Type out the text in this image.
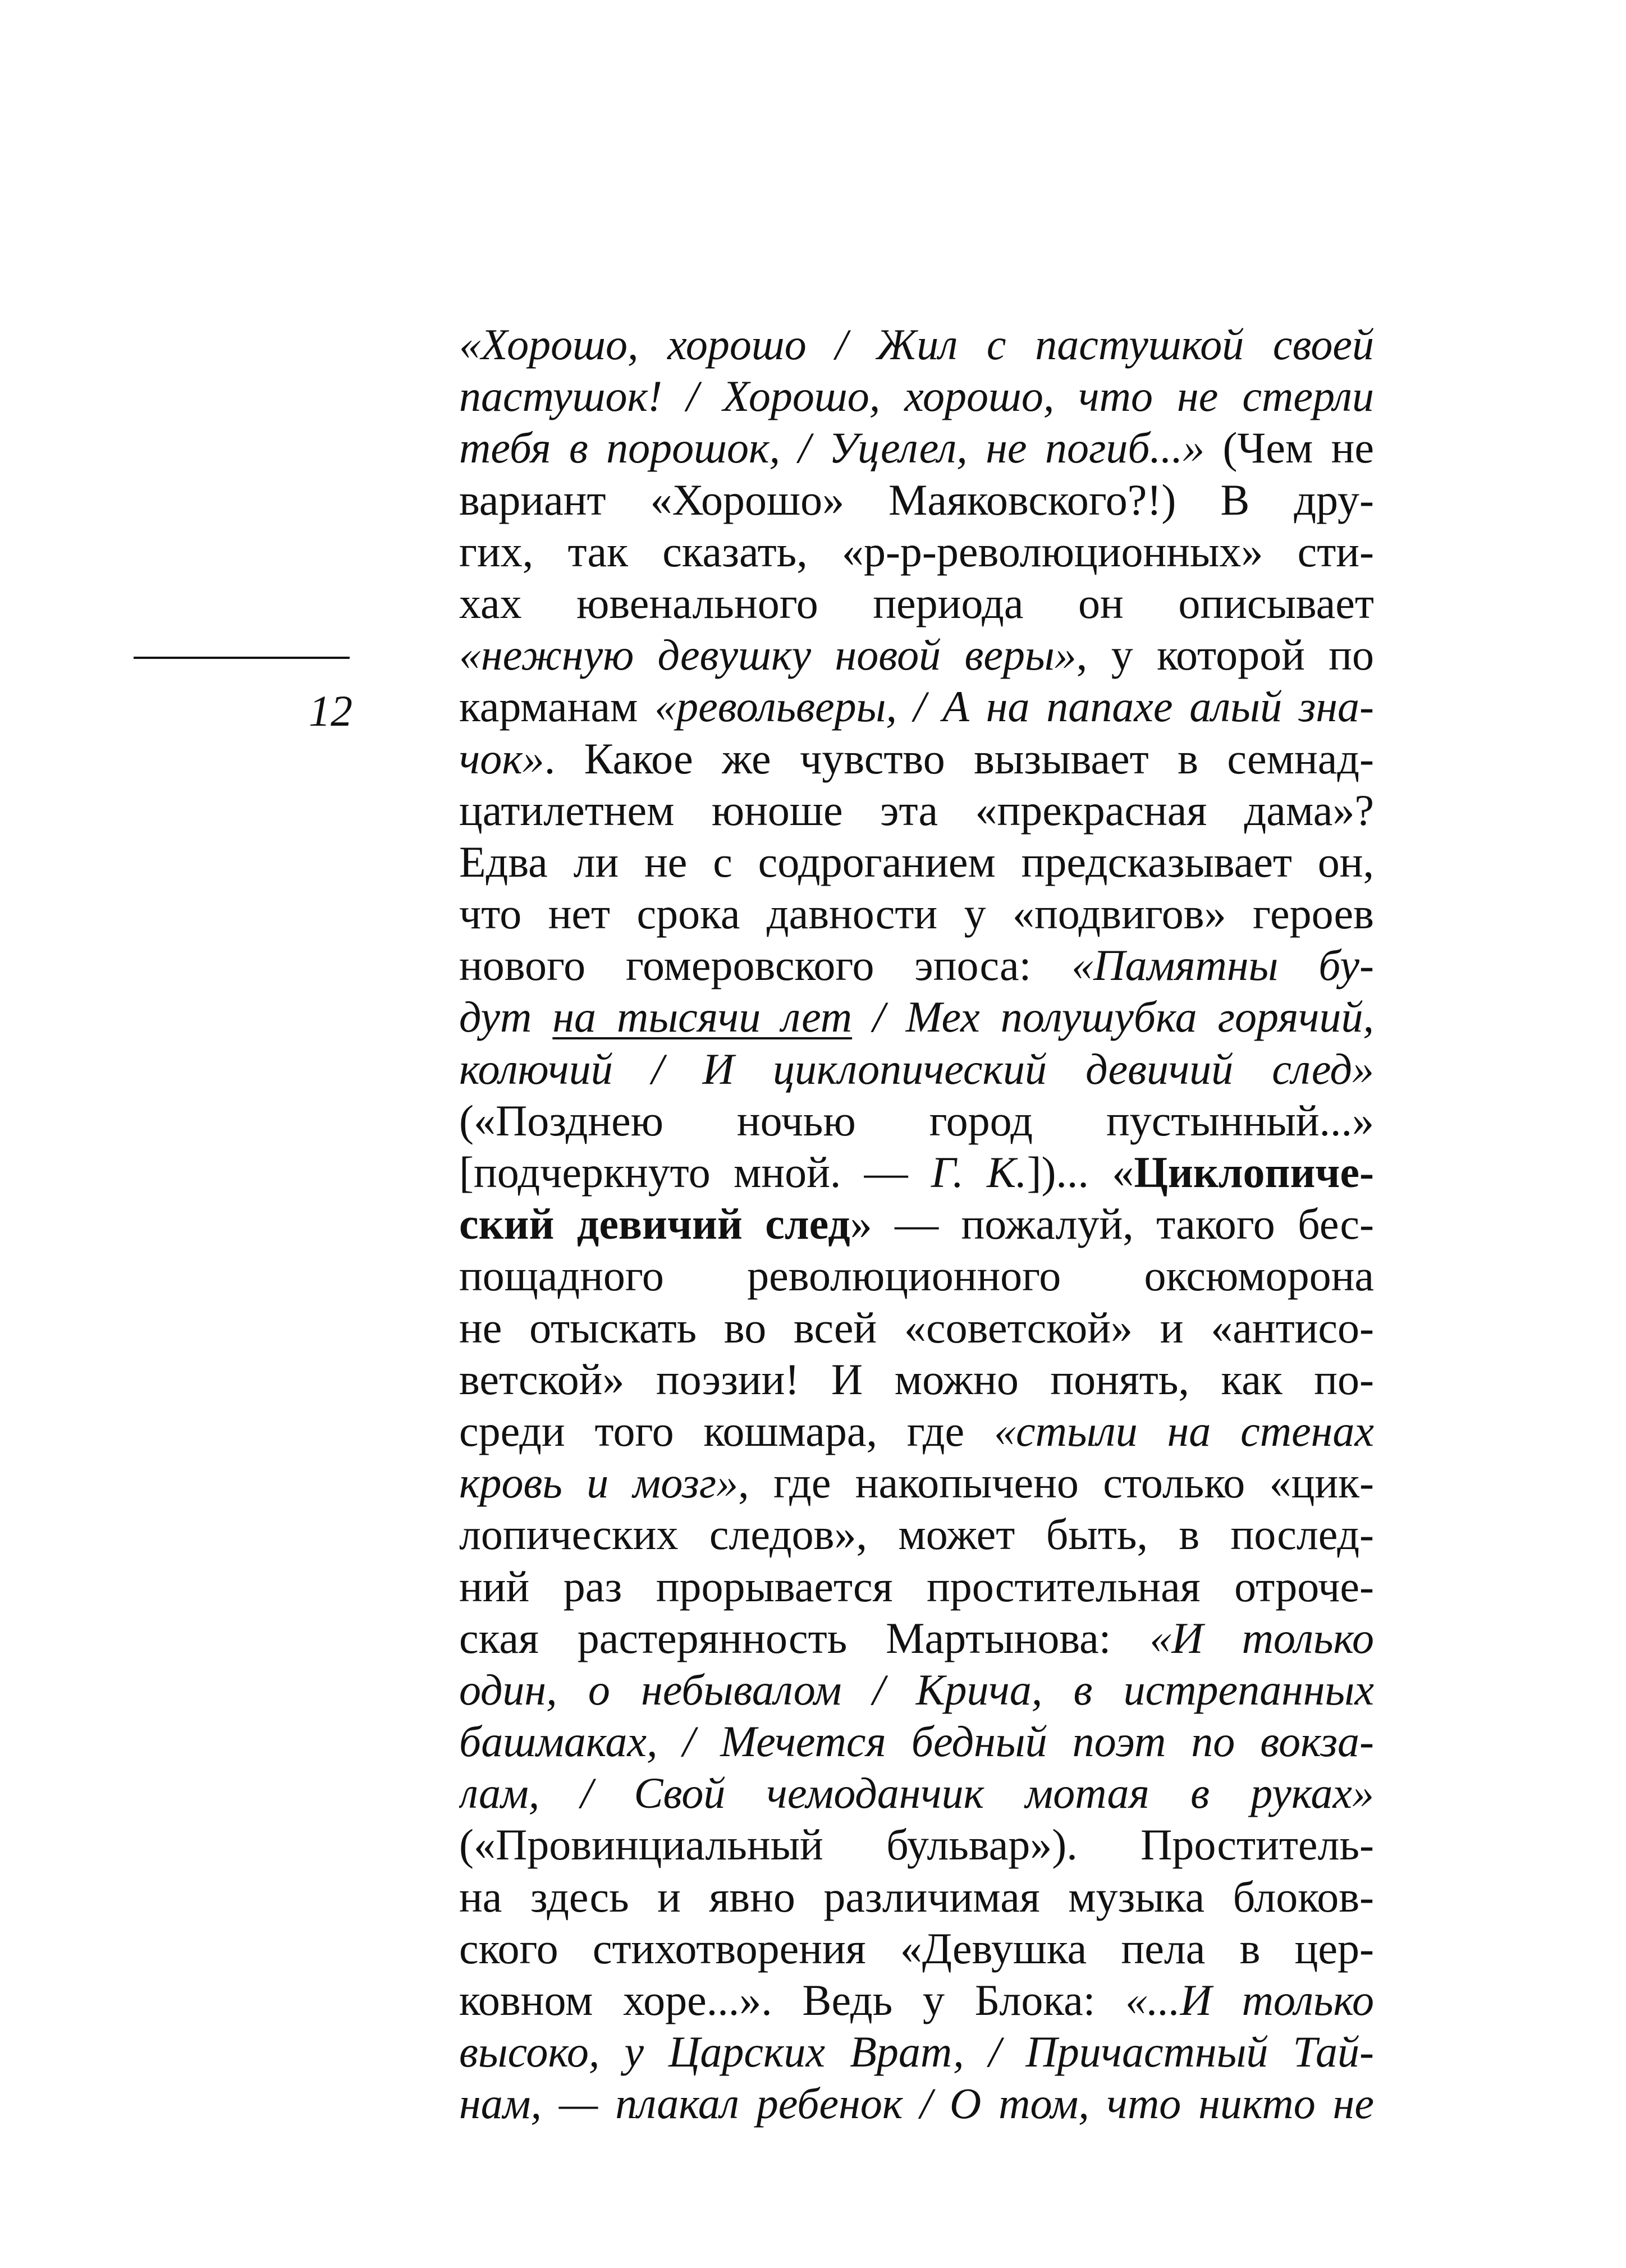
12
«Хорошо, хорошо / Жил с пастушкой своей
пастушок! / Хорошо, хорошо, что не стерли
тебя в порошок, / Уцелел, не погиб...» (Чем не
вариант «Хорошо» Маяковского?!) В дру-
гих, так сказать, «р-р-революционных» сти-
хах ювенального периода он описывает
«нежную девушку новой веры», у которой по
карманам «револьверы, / А на папахе алый зна-
чок». Какое же чувство вызывает в семнад-
цатилетнем юноше эта «прекрасная дама»?
Едва ли не с содроганием предсказывает он,
что нет срока давности у «подвигов» героев
нового гомеровского эпоса: «Памятны бу-
дут на тысячи лет / Мех полушубка горячий,
колючий / И циклопический девичий след»
(«Позднею ночью город пустынный...»
[подчеркнуто мной. — Г. К.])... «Циклопиче-
ский девичий след» — пожалуй, такого бес-
пощадного революционного оксюморона
не отыскать во всей «советской» и «антисо-
ветской» поэзии! И можно понять, как по-
среди того кошмара, где «стыли на стенах
кровь и мозг», где накопычено столько «цик-
лопических следов», может быть, в послед-
ний раз прорывается простительная отроче-
ская растерянность Мартынова: «И только
один, о небывалом / Крича, в истрепанных
башмаках, / Мечется бедный поэт по вокза-
лам, / Свой чемоданчик мотая в руках»
(«Провинциальный бульвар»). Проститель-
на здесь и явно различимая музыка блоков-
ского стихотворения «Девушка пела в цер-
ковном хоре...». Ведь у Блока: «...И только
высоко, у Царских Врат, / Причастный Тай-
нам, — плакал ребенок / О том, что никто не
